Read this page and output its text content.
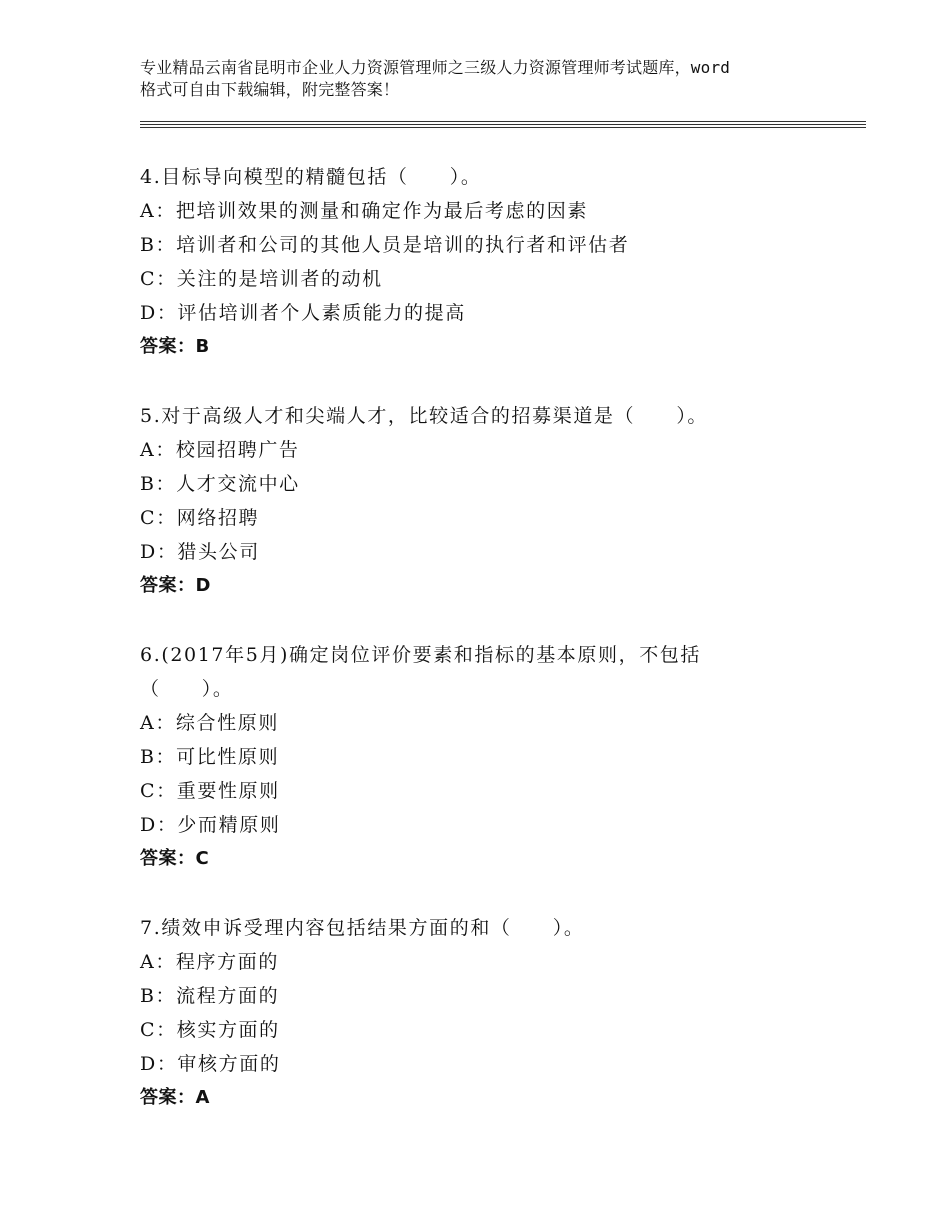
专业精品云南省昆明市企业人力资源管理师之三级人力资源管理师考试题库，word
格式可自由下载编辑，附完整答案！
4.目标导向模型的精髓包括（　　）。
A：把培训效果的测量和确定作为最后考虑的因素
B：培训者和公司的其他人员是培训的执行者和评估者
C：关注的是培训者的动机
D：评估培训者个人素质能力的提高
答案：B
5.对于高级人才和尖端人才，比较适合的招募渠道是（　　）。
A：校园招聘广告
B：人才交流中心
C：网络招聘
D：猎头公司
答案：D
6.(2017年5月)确定岗位评价要素和指标的基本原则，不包括
（　　）。
A：综合性原则
B：可比性原则
C：重要性原则
D：少而精原则
答案：C
7.绩效申诉受理内容包括结果方面的和（　　）。
A：程序方面的
B：流程方面的
C：核实方面的
D：审核方面的
答案：A
